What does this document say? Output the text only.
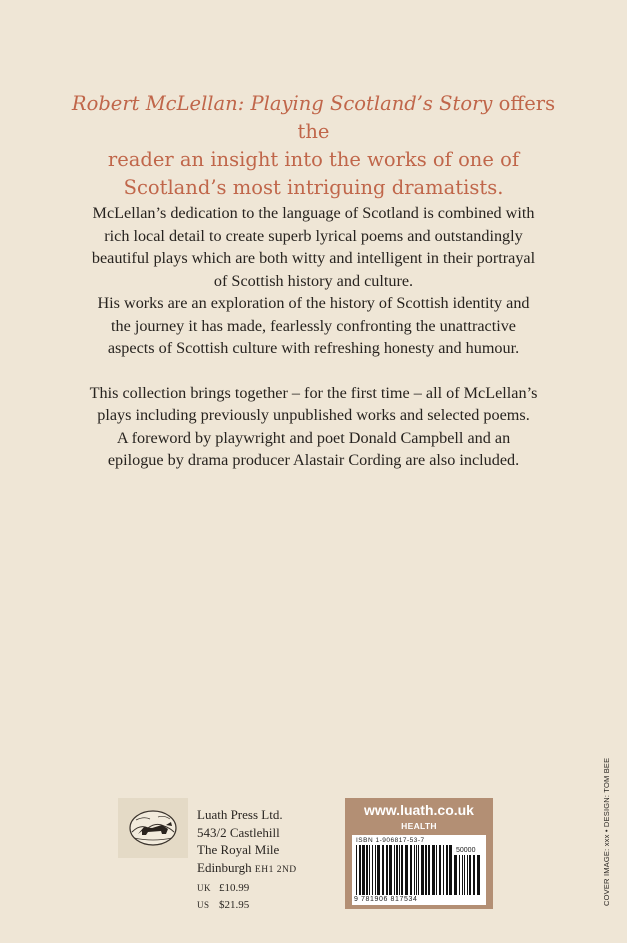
Robert McLellan: Playing Scotland’s Story offers the
reader an insight into the works of one of
Scotland’s most intriguing dramatists.

McLellan’s dedication to the language of Scotland is combined with

rich local detail to create superb lyrical poems and outstandingly

beautiful plays which are both witty and intelligent in their portrayal

of Scottish history and culture.

His works are an exploration of the history of Scottish identity and

the journey it has made, fearlessly confronting the unattractive

aspects of Scottish culture with refreshing honesty and humour.

This collection brings together – for the first time – all of McLellan’s

plays including previously unpublished works and selected poems.

A foreword by playwright and poet Donald Campbell and an

epilogue by drama producer Alastair Cording are also included.

Luath Press Ltd.
543/2 Castlehill
The Royal Mile
Edinburgh EH1 2ND
UK £10.99
US $21.95
www.luath.co.uk
HEALTH
ISBN 1-906817-53-7
50000
9 781906 817534	COVER IMAGE: xxx • DESIGN: TOM BEE
